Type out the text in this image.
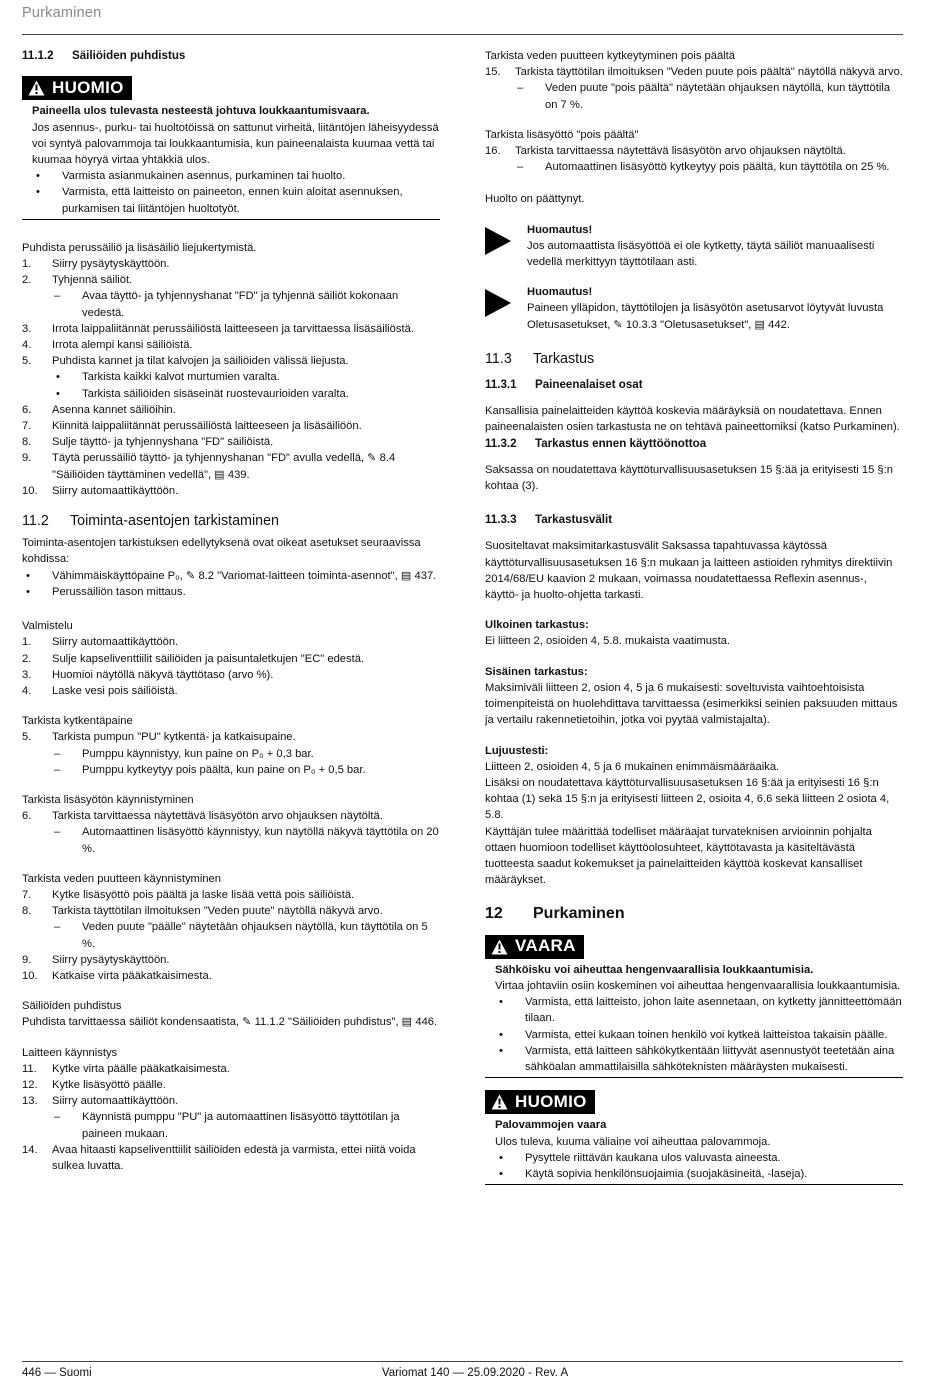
Purkaminen
11.1.2	Säiliöiden puhdistus
HUOMIO

Paineella ulos tulevasta nesteestä johtuva loukkaantumisvaara.

Jos asennus-, purku- tai huoltotöissä on sattunut virheitä, liitäntöjen läheisyydessä voi syntyä palovammoja tai loukkaantumisia, kun paineenalaista kuumaa vettä tai kuumaa höyryä virtaa yhtäkkiä ulos.

•	Varmista asianmukainen asennus, purkaminen tai huolto.
•	Varmista, että laitteisto on paineeton, ennen kuin aloitat asennuksen, purkamisen tai liitäntöjen huoltotyöt.

Puhdista perussäiliö ja lisäsäiliö liejukertymistä.

1.	Siirry pysäytyskäyttöön.
2.	Tyhjennä säiliöt.
–	Avaa täyttö- ja tyhjennyshanat "FD" ja tyhjennä säiliöt kokonaan vedestä.
3.	Irrota laippaliitännät perussäiliöstä laitteeseen ja tarvittaessa lisäsäiliöstä.
4.	Irrota alempi kansi säiliöistä.
5.	Puhdista kannet ja tilat kalvojen ja säiliöiden välissä liejusta.
•	Tarkista kaikki kalvot murtumien varalta.
•	Tarkista säiliöiden sisäseinät ruostevaurioiden varalta.
6.	Asenna kannet säiliöihin.
7.	Kiinnitä laippaliitännät perussäiliöstä laitteeseen ja lisäsäiliöön.
8.	Sulje täyttö- ja tyhjennyshana "FD" säiliöistä.
9.	Täytä perussäiliö täyttö- ja tyhjennyshanan "FD" avulla vedellä, ✎ 8.4 "Säiliöiden täyttäminen vedellä", ▤ 439.
10.	Siirry automaattikäyttöön.
11.2	Toiminta-asentojen tarkistaminen

Toiminta-asentojen tarkistuksen edellytyksenä ovat oikeat asetukset seuraavissa kohdissa:

•	Vähimmäiskäyttöpaine P₀, ✎ 8.2 "Variomat-laitteen toiminta-asennot", ▤ 437.
•	Perussäiliön tason mittaus.

Valmistelu

1.	Siirry automaattikäyttöön.
2.	Sulje kapseliventtiilit säiliöiden ja paisuntaletkujen "EC" edestä.
3.	Huomioi näytöllä näkyvä täyttötaso (arvo %).
4.	Laske vesi pois säiliöistä.

Tarkista kytkentäpaine

5.	Tarkista pumpun "PU" kytkentä- ja katkaisupaine.
–	Pumppu käynnistyy, kun paine on P₀ + 0,3 bar.
–	Pumppu kytkeytyy pois päältä, kun paine on P₀ + 0,5 bar.

Tarkista lisäsyötön käynnistyminen

6.	Tarkista tarvittaessa näytettävä lisäsyötön arvo ohjauksen näytöltä.
–	Automaattinen lisäsyöttö käynnistyy, kun näytöllä näkyvä täyttötila on 20 %.

Tarkista veden puutteen käynnistyminen

7.	Kytke lisäsyöttö pois päältä ja laske lisää vettä pois säiliöistä.
8.	Tarkista täyttötilan ilmoituksen "Veden puute" näytöllä näkyvä arvo.
–	Veden puute "päälle" näytetään ohjauksen näytöllä, kun täyttötila on 5 %.
9.	Siirry pysäytyskäyttöön.
10.	Katkaise virta pääkatkaisimesta.

Säiliöiden puhdistus

Puhdista tarvittaessa säiliöt kondensaatista, ✎ 11.1.2 "Säiliöiden puhdistus", ▤ 446.

Laitteen käynnistys

11.	Kytke virta päälle pääkatkaisimesta.
12.	Kytke lisäsyöttö päälle.
13.	Siirry automaattikäyttöön.
–	Käynnistä pumppu "PU" ja automaattinen lisäsyöttö täyttötilan ja paineen mukaan.
14.	Avaa hitaasti kapseliventtiilit säiliöiden edestä ja varmista, ettei niitä voida sulkea luvatta.

Tarkista veden puutteen kytkeytyminen pois päältä

15.	Tarkista täyttötilan ilmoituksen "Veden puute pois päältä" näytöllä näkyvä arvo.
–	Veden puute "pois päältä" näytetään ohjauksen näytöllä, kun täyttötila on 7 %.

Tarkista lisäsyöttö "pois päältä"

16.	Tarkista tarvittaessa näytettävä lisäsyötön arvo ohjauksen näytöltä.
–	Automaattinen lisäsyöttö kytkeytyy pois päältä, kun täyttötila on 25 %.

Huolto on päättynyt.

Huomautus!

Jos automaattista lisäsyöttöä ei ole kytketty, täytä säiliöt manuaalisesti vedellä merkittyyn täyttötilaan asti.

Huomautus!

Paineen ylläpidon, täyttötilojen ja lisäsyötön asetusarvot löytyvät luvusta Oletusasetukset, ✎ 10.3.3 "Oletusasetukset", ▤ 442.

11.3	Tarkastus
11.3.1	Paineenalaiset osat

Kansallisia painelaitteiden käyttöä koskevia määräyksiä on noudatettava. Ennen paineenalaisten osien tarkastusta ne on tehtävä paineettomiksi (katso Purkaminen).

11.3.2	Tarkastus ennen käyttöönottoa

Saksassa on noudatettava käyttöturvallisuusasetuksen 15 §:ää ja erityisesti 15 §:n kohtaa (3).

11.3.3	Tarkastusvälit

Suositeltavat maksimitarkastusvälit Saksassa tapahtuvassa käytössä käyttöturvallisuusasetuksen 16 §:n mukaan ja laitteen astioiden ryhmitys direktiivin 2014/68/EU kaavion 2 mukaan, voimassa noudatettaessa Reflexin asennus-, käyttö- ja huolto-ohjetta tarkasti.

Ulkoinen tarkastus:

Ei liitteen 2, osioiden 4, 5.8. mukaista vaatimusta.

Sisäinen tarkastus:

Maksimiväli liitteen 2, osion 4, 5 ja 6 mukaisesti: soveltuvista vaihtoehtoisista toimenpiteistä on huolehdittava tarvittaessa (esimerkiksi seinien paksuuden mittaus ja vertailu rakennetietoihin, jotka voi pyytää valmistajalta).

Lujuustesti:

Liitteen 2, osioiden 4, 5 ja 6 mukainen enimmäismääräaika.

Lisäksi on noudatettava käyttöturvallisuusasetuksen 16 §:ää ja erityisesti 16 §:n kohtaa (1) sekä 15 §:n ja erityisesti liitteen 2, osioita 4, 6.6 sekä liitteen 2 osiota 4, 5.8.

Käyttäjän tulee määrittää todelliset määräajat turvateknisen arvioinnin pohjalta ottaen huomioon todelliset käyttöolosuhteet, käyttötavasta ja käsiteltävästä tuotteesta saadut kokemukset ja painelaitteiden käyttöä koskevat kansalliset määräykset.

12	Purkaminen
VAARA

Sähköisku voi aiheuttaa hengenvaarallisia loukkaantumisia.

Virtaa johtaviin osiin koskeminen voi aiheuttaa hengenvaarallisia loukkaantumisia.

•	Varmista, että laitteisto, johon laite asennetaan, on kytketty jännitteettömään tilaan.
•	Varmista, ettei kukaan toinen henkilö voi kytkeä laitteistoa takaisin päälle.
•	Varmista, että laitteen sähkökytkentään liittyvät asennustyöt teetetään aina sähköalan ammattilaisilla sähköteknisten määräysten mukaisesti.
HUOMIO

Palovammojen vaara

Ulos tuleva, kuuma väliaine voi aiheuttaa palovammoja.

•	Pysyttele riittävän kaukana ulos valuvasta aineesta.
•	Käytä sopivia henkilönsuojaimia (suojakäsineitä, -laseja).
446 — Suomi	Variomat 140 — 25.09.2020 - Rev. A
